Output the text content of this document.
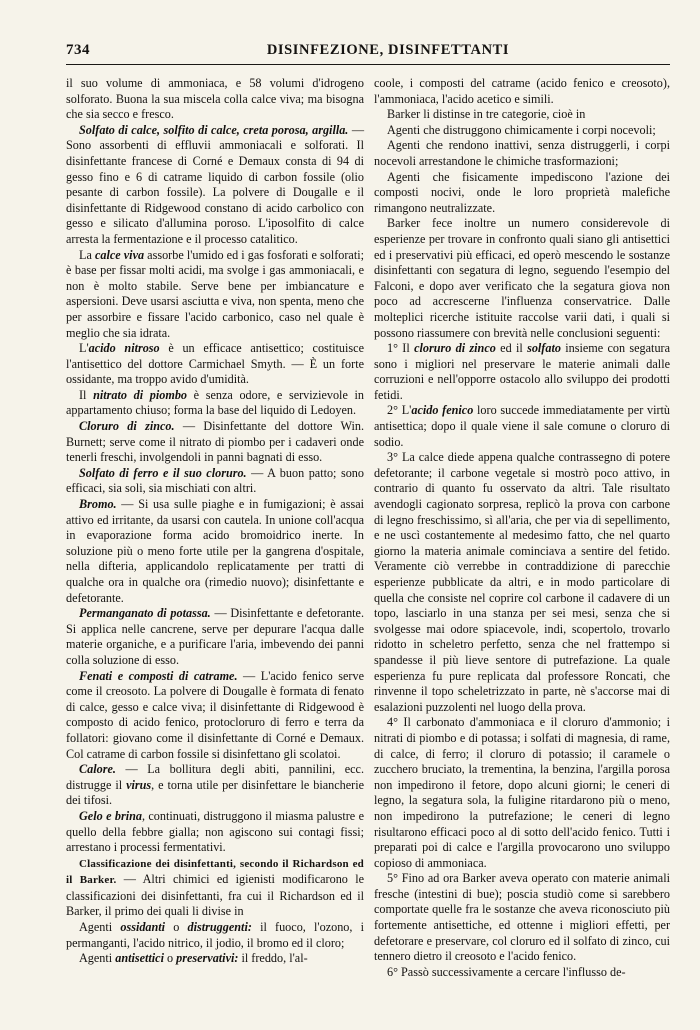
734	DISINFEZIONE, DISINFETTANTI

il suo volume di ammoniaca, e 58 volumi d'idrogeno solforato. Buona la sua miscela colla calce viva; ma bisogna che sia secco e fresco.

Solfato di calce, solfito di calce, creta porosa, argilla. — Sono assorbenti di effluvii ammoniacali e solforati. Il disinfettante francese di Corné e Demaux consta di 94 di gesso fino e 6 di catrame liquido di carbon fossile (olio pesante di carbon fossile). La polvere di Dougalle e il disinfettante di Ridgewood constano di acido carbolico con gesso e silicato d'allumina poroso. L'iposolfito di calce arresta la fermentazione e il processo catalitico.

La calce viva assorbe l'umido ed i gas fosforati e solforati; è base per fissar molti acidi, ma svolge i gas ammoniacali, e non è molto stabile. Serve bene per imbiancature e aspersioni. Deve usarsi asciutta e viva, non spenta, meno che per assorbire e fissare l'acido carbonico, caso nel quale è meglio che sia idrata.

L'acido nitroso è un efficace antisettico; costituisce l'antisettico del dottore Carmichael Smyth. — È un forte ossidante, ma troppo avido d'umidità.

Il nitrato di piombo è senza odore, e servizievole in appartamento chiuso; forma la base del liquido di Ledoyen.

Cloruro di zinco. — Disinfettante del dottore Win. Burnett; serve come il nitrato di piombo per i cadaveri onde tenerli freschi, involgendoli in panni bagnati di esso.

Solfato di ferro e il suo cloruro. — A buon patto; sono efficaci, sia soli, sia mischiati con altri.

Bromo. — Si usa sulle piaghe e in fumigazioni; è assai attivo ed irritante, da usarsi con cautela. In unione coll'acqua in evaporazione forma acido bromoidrico inerte. In soluzione più o meno forte utile per la gangrena d'ospitale, nella difteria, applicandolo replicatamente per tratti di qualche ora in qualche ora (rimedio nuovo); disinfettante e defetorante.

Permanganato di potassa. — Disinfettante e defetorante. Si applica nelle cancrene, serve per depurare l'acqua dalle materie organiche, e a purificare l'aria, imbevendo dei panni colla soluzione di esso.

Fenati e composti di catrame. — L'acido fenico serve come il creosoto. La polvere di Dougalle è formata di fenato di calce, gesso e calce viva; il disinfettante di Ridgewood è composto di acido fenico, protocloruro di ferro e terra da follatori: giovano come il disinfettante di Corné e Demaux. Col catrame di carbon fossile si disinfettano gli scolatoi.

Calore. — La bollitura degli abiti, pannilini, ecc. distrugge il virus, e torna utile per disinfettare le biancherie dei tifosi.

Gelo e brina, continuati, distruggono il miasma palustre e quello della febbre gialla; non agiscono sui contagi fissi; arrestano i processi fermentativi.

Classificazione dei disinfettanti, secondo il Richardson ed il Barker. — Altri chimici ed igienisti modificarono le classificazioni dei disinfettanti, fra cui il Richardson ed il Barker, il primo dei quali li divise in

Agenti ossidanti o distruggenti: il fuoco, l'ozono, i permanganti, l'acido nitrico, il jodio, il bromo ed il cloro;

Agenti antisettici o preservativi: il freddo, l'al-

coole, i composti del catrame (acido fenico e creosoto), l'ammoniaca, l'acido acetico e simili.

Barker li distinse in tre categorie, cioè in

Agenti che distruggono chimicamente i corpi nocevoli;

Agenti che rendono inattivi, senza distruggerli, i corpi nocevoli arrestandone le chimiche trasformazioni;

Agenti che fisicamente impediscono l'azione dei composti nocivi, onde le loro proprietà malefiche rimangono neutralizzate.

Barker fece inoltre un numero considerevole di esperienze per trovare in confronto quali siano gli antisettici ed i preservativi più efficaci, ed operò mescendo le sostanze disinfettanti con segatura di legno, seguendo l'esempio del Falconi, e dopo aver verificato che la segatura giova non poco ad accrescerne l'influenza conservatrice. Dalle molteplici ricerche istituite raccolse varii dati, i quali si possono riassumere con brevità nelle conclusioni seguenti:

1° Il cloruro di zinco ed il solfato insieme con segatura sono i migliori nel preservare le materie animali dalle corruzioni e nell'opporre ostacolo allo sviluppo dei prodotti fetidi.

2° L'acido fenico loro succede immediatamente per virtù antisettica; dopo il quale viene il sale comune o cloruro di sodio.

3° La calce diede appena qualche contrassegno di potere defetorante; il carbone vegetale si mostrò poco attivo, in contrario di quanto fu osservato da altri. Tale risultato avendogli cagionato sorpresa, replicò la prova con carbone di legno freschissimo, sì all'aria, che per via di sepellimento, e ne uscì costantemente al medesimo fatto, che nel quarto giorno la materia animale cominciava a sentire del fetido. Veramente ciò verrebbe in contraddizione di parecchie esperienze pubblicate da altri, e in modo particolare di quella che consiste nel coprire col carbone il cadavere di un topo, lasciarlo in una stanza per sei mesi, senza che si svolgesse mai odore spiacevole, indi, scopertolo, trovarlo ridotto in scheletro perfetto, senza che nel frattempo si spandesse il più lieve sentore di putrefazione. La quale esperienza fu pure replicata dal professore Roncati, che rinvenne il topo scheletrizzato in parte, nè s'accorse mai di esalazioni puzzolenti nel luogo della prova.

4° Il carbonato d'ammoniaca e il cloruro d'ammonio; i nitrati di piombo e di potassa; i solfati di magnesia, di rame, di calce, di ferro; il cloruro di potassio; il caramele o zucchero bruciato, la trementina, la benzina, l'argilla porosa non impedirono il fetore, dopo alcuni giorni; le ceneri di legno, la segatura sola, la fuligine ritardarono più o meno, non impedirono la putrefazione; le ceneri di legno risultarono efficaci poco al di sotto dell'acido fenico. Tutti i preparati poi di calce e l'argilla provocarono uno sviluppo copioso di ammoniaca.

5° Fino ad ora Barker aveva operato con materie animali fresche (intestini di bue); poscia studiò come si sarebbero comportate quelle fra le sostanze che aveva riconosciuto più fortemente antisettiche, ed ottenne i migliori effetti, per defetorare e preservare, col cloruro ed il solfato di zinco, cui tennero dietro il creosoto e l'acido fenico.

6° Passò successivamente a cercare l'influsso de-
